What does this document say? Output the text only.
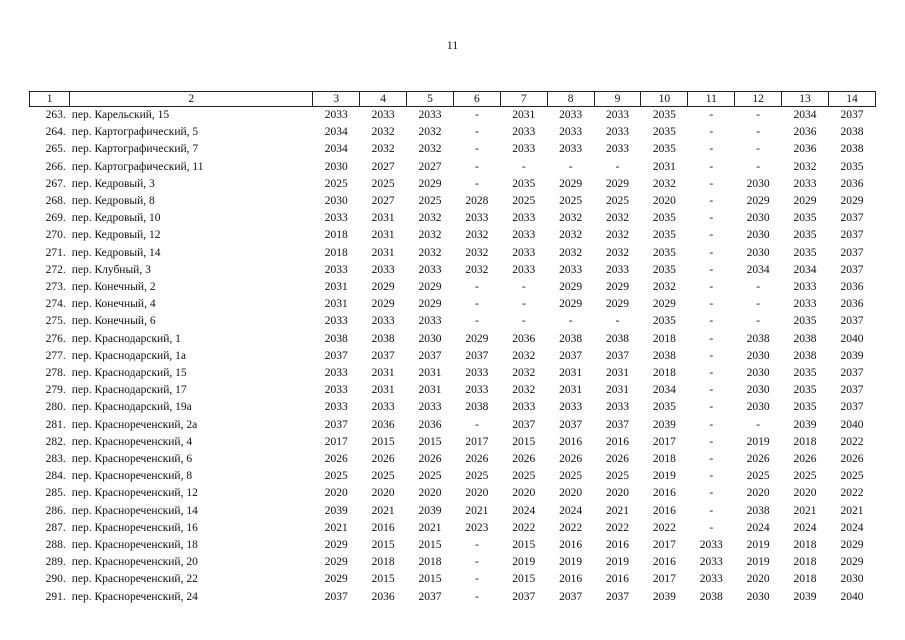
11
1	2	3	4	5	6	7	8	9	10	11	12	13	14
263.	пер. Карельский, 15	2033	2033	2033	-	2031	2033	2033	2035	-	-	2034	2037
264.	пер. Картографический, 5	2034	2032	2032	-	2033	2033	2033	2035	-	-	2036	2038
265.	пер. Картографический, 7	2034	2032	2032	-	2033	2033	2033	2035	-	-	2036	2038
266.	пер. Картографический, 11	2030	2027	2027	-	-	-	-	2031	-	-	2032	2035
267.	пер. Кедровый, 3	2025	2025	2029	-	2035	2029	2029	2032	-	2030	2033	2036
268.	пер. Кедровый, 8	2030	2027	2025	2028	2025	2025	2025	2020	-	2029	2029	2029
269.	пер. Кедровый, 10	2033	2031	2032	2033	2033	2032	2032	2035	-	2030	2035	2037
270.	пер. Кедровый, 12	2018	2031	2032	2032	2033	2032	2032	2035	-	2030	2035	2037
271.	пер. Кедровый, 14	2018	2031	2032	2032	2033	2032	2032	2035	-	2030	2035	2037
272.	пер. Клубный, 3	2033	2033	2033	2032	2033	2033	2033	2035	-	2034	2034	2037
273.	пер. Конечный, 2	2031	2029	2029	-	-	2029	2029	2032	-	-	2033	2036
274.	пер. Конечный, 4	2031	2029	2029	-	-	2029	2029	2029	-	-	2033	2036
275.	пер. Конечный, 6	2033	2033	2033	-	-	-	-	2035	-	-	2035	2037
276.	пер. Краснодарский, 1	2038	2038	2030	2029	2036	2038	2038	2018	-	2038	2038	2040
277.	пер. Краснодарский, 1а	2037	2037	2037	2037	2032	2037	2037	2038	-	2030	2038	2039
278.	пер. Краснодарский, 15	2033	2031	2031	2033	2032	2031	2031	2018	-	2030	2035	2037
279.	пер. Краснодарский, 17	2033	2031	2031	2033	2032	2031	2031	2034	-	2030	2035	2037
280.	пер. Краснодарский, 19а	2033	2033	2033	2038	2033	2033	2033	2035	-	2030	2035	2037
281.	пер. Краснореченский, 2а	2037	2036	2036	-	2037	2037	2037	2039	-	-	2039	2040
282.	пер. Краснореченский, 4	2017	2015	2015	2017	2015	2016	2016	2017	-	2019	2018	2022
283.	пер. Краснореченский, 6	2026	2026	2026	2026	2026	2026	2026	2018	-	2026	2026	2026
284.	пер. Краснореченский, 8	2025	2025	2025	2025	2025	2025	2025	2019	-	2025	2025	2025
285.	пер. Краснореченский, 12	2020	2020	2020	2020	2020	2020	2020	2016	-	2020	2020	2022
286.	пер. Краснореченский, 14	2039	2021	2039	2021	2024	2024	2021	2016	-	2038	2021	2021
287.	пер. Краснореченский, 16	2021	2016	2021	2023	2022	2022	2022	2022	-	2024	2024	2024
288.	пер. Краснореченский, 18	2029	2015	2015	-	2015	2016	2016	2017	2033	2019	2018	2029
289.	пер. Краснореченский, 20	2029	2018	2018	-	2019	2019	2019	2016	2033	2019	2018	2029
290.	пер. Краснореченский, 22	2029	2015	2015	-	2015	2016	2016	2017	2033	2020	2018	2030
291.	пер. Краснореченский, 24	2037	2036	2037	-	2037	2037	2037	2039	2038	2030	2039	2040
